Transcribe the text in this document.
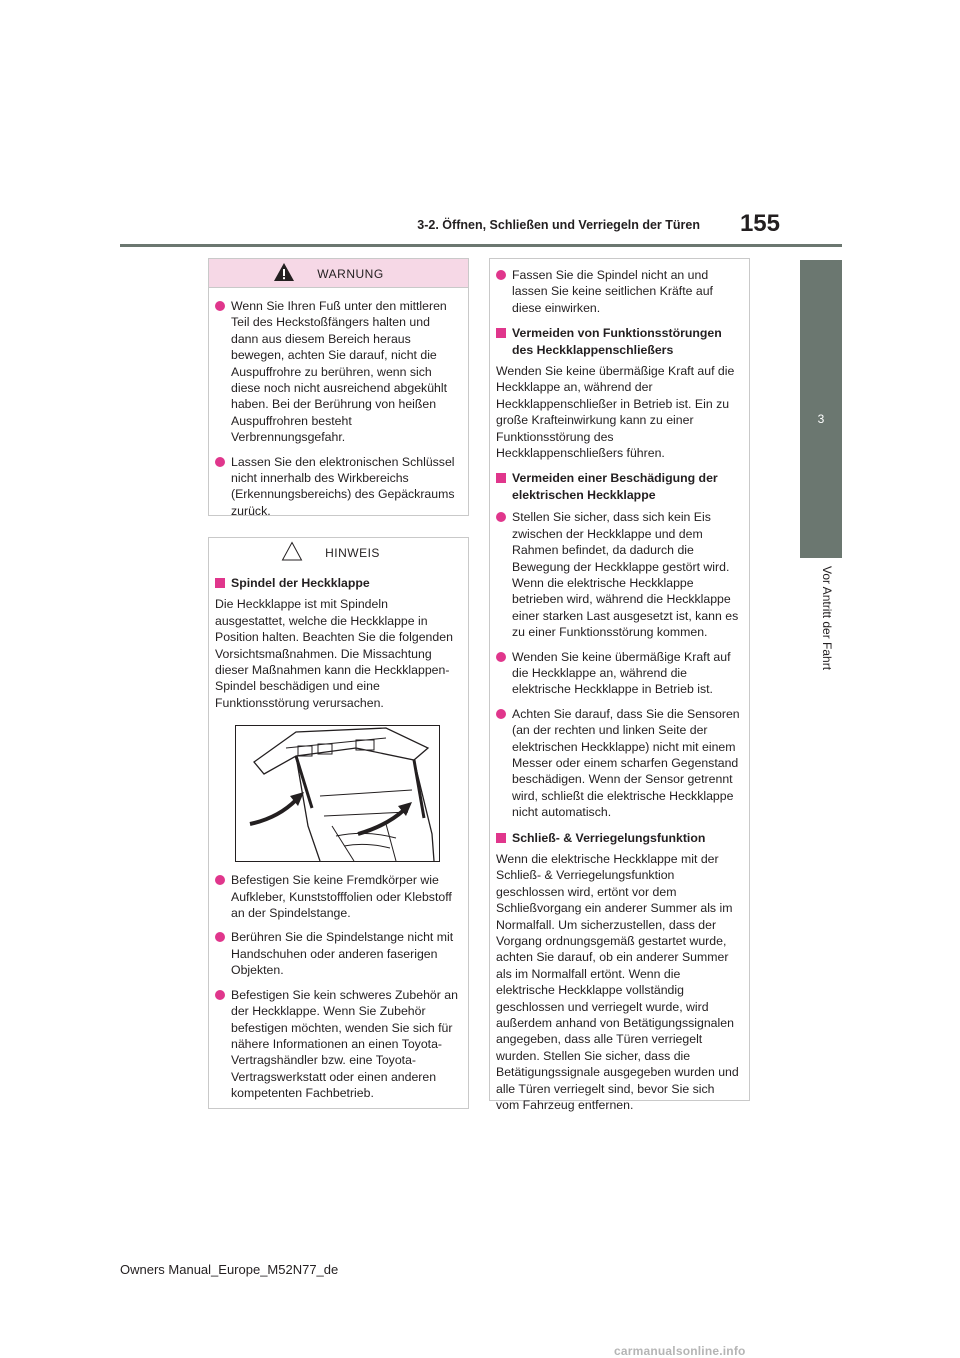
3-2. Öffnen, Schließen und Verriegeln der Türen	155
3
Vor Antritt der Fahrt
WARNUNG
Wenn Sie Ihren Fuß unter den mittleren Teil des Heckstoßfängers halten und dann aus diesem Bereich heraus bewegen, achten Sie darauf, nicht die Auspuffrohre zu berühren, wenn sich diese noch nicht ausreichend abgekühlt haben. Bei der Berührung von heißen Auspuffrohren besteht Verbrennungsgefahr.
Lassen Sie den elektronischen Schlüssel nicht innerhalb des Wirkbereichs (Erkennungsbereichs) des Gepäckraums zurück.
HINWEIS
Spindel der Heckklappe
Die Heckklappe ist mit Spindeln ausgestattet, welche die Heckklappe in Position halten. Beachten Sie die folgenden Vorsichtsmaßnahmen. Die Missachtung dieser Maßnahmen kann die Heckklappen-Spindel beschädigen und eine Funktionsstörung verursachen.
Befestigen Sie keine Fremdkörper wie Aufkleber, Kunststofffolien oder Klebstoff an der Spindelstange.
Berühren Sie die Spindelstange nicht mit Handschuhen oder anderen faserigen Objekten.
Befestigen Sie kein schweres Zubehör an der Heckklappe. Wenn Sie Zubehör befestigen möchten, wenden Sie sich für nähere Informationen an einen Toyota-Vertragshändler bzw. eine Toyota-Vertragswerkstatt oder einen anderen kompetenten Fachbetrieb.
Fassen Sie die Spindel nicht an und lassen Sie keine seitlichen Kräfte auf diese einwirken.
Vermeiden von Funktionsstörungen des Heckklappenschließers
Wenden Sie keine übermäßige Kraft auf die Heckklappe an, während der Heckklappenschließer in Betrieb ist. Ein zu große Krafteinwirkung kann zu einer Funktionsstörung des Heckklappenschließers führen.
Vermeiden einer Beschädigung der elektrischen Heckklappe
Stellen Sie sicher, dass sich kein Eis zwischen der Heckklappe und dem Rahmen befindet, da dadurch die Bewegung der Heckklappe gestört wird. Wenn die elektrische Heckklappe betrieben wird, während die Heckklappe einer starken Last ausgesetzt ist, kann es zu einer Funktionsstörung kommen.
Wenden Sie keine übermäßige Kraft auf die Heckklappe an, während die elektrische Heckklappe in Betrieb ist.
Achten Sie darauf, dass Sie die Sensoren (an der rechten und linken Seite der elektrischen Heckklappe) nicht mit einem Messer oder einem scharfen Gegenstand beschädigen. Wenn der Sensor getrennt wird, schließt die elektrische Heckklappe nicht automatisch.
Schließ- & Verriegelungsfunktion
Wenn die elektrische Heckklappe mit der Schließ- & Verriegelungsfunktion geschlossen wird, ertönt vor dem Schließvorgang ein anderer Summer als im Normalfall. Um sicherzustellen, dass der Vorgang ordnungsgemäß gestartet wurde, achten Sie darauf, ob ein anderer Summer als im Normalfall ertönt. Wenn die elektrische Heckklappe vollständig geschlossen und verriegelt wurde, wird außerdem anhand von Betätigungssignalen angegeben, dass alle Türen verriegelt wurden. Stellen Sie sicher, dass die Betätigungssignale ausgegeben wurden und alle Türen verriegelt sind, bevor Sie sich vom Fahrzeug entfernen.
Owners Manual_Europe_M52N77_de
carmanualsonline.info
